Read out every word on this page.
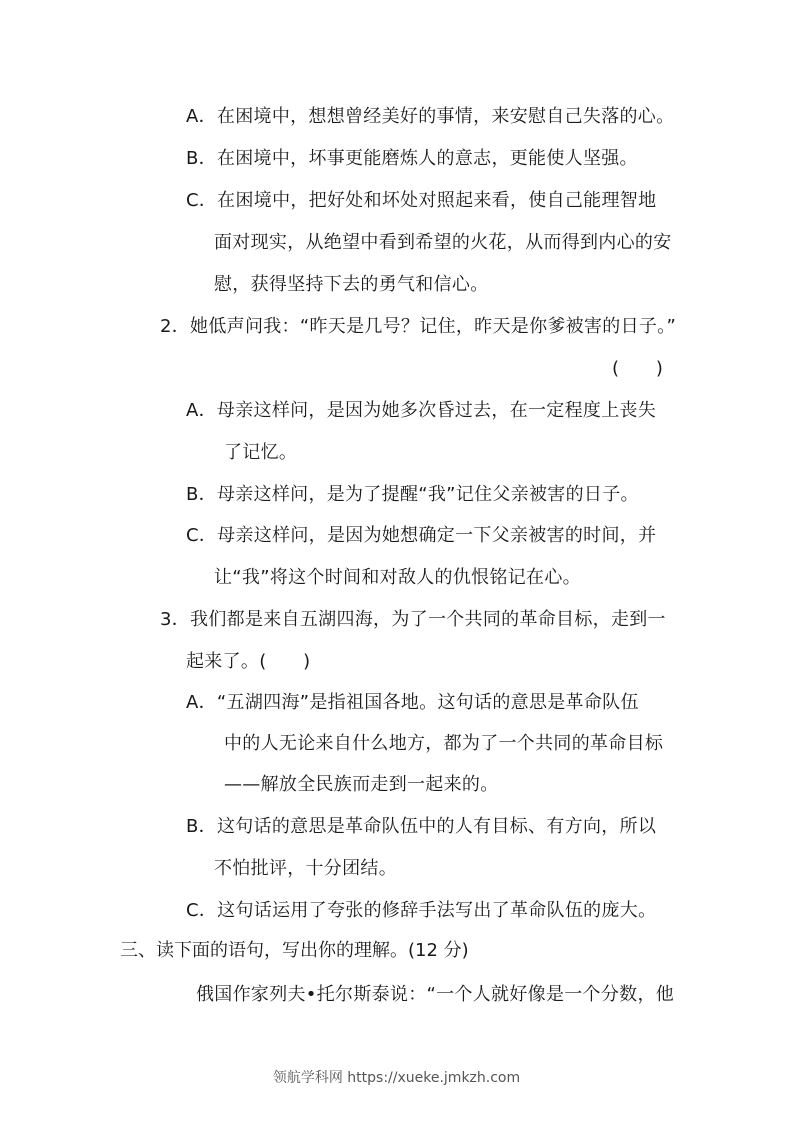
A．在困境中，想想曾经美好的事情，来安慰自己失落的心。
B．在困境中，坏事更能磨炼人的意志，更能使人坚强。
C．在困境中，把好处和坏处对照起来看，使自己能理智地
面对现实，从绝望中看到希望的火花，从而得到内心的安
慰，获得坚持下去的勇气和信心。
2．她低声问我：“昨天是几号？记住，昨天是你爹被害的日子。”
(　　)
A．母亲这样问，是因为她多次昏过去，在一定程度上丧失
了记忆。
B．母亲这样问，是为了提醒“我”记住父亲被害的日子。
C．母亲这样问，是因为她想确定一下父亲被害的时间，并
让“我”将这个时间和对敌人的仇恨铭记在心。
3．我们都是来自五湖四海，为了一个共同的革命目标，走到一
起来了。(　　)
A．“五湖四海”是指祖国各地。这句话的意思是革命队伍
中的人无论来自什么地方，都为了一个共同的革命目标
——解放全民族而走到一起来的。
B．这句话的意思是革命队伍中的人有目标、有方向，所以
不怕批评，十分团结。
C．这句话运用了夸张的修辞手法写出了革命队伍的庞大。
三、读下面的语句，写出你的理解。(12 分)
俄国作家列夫•托尔斯泰说：“一个人就好像是一个分数，他
领航学科网 https://xueke.jmkzh.com
